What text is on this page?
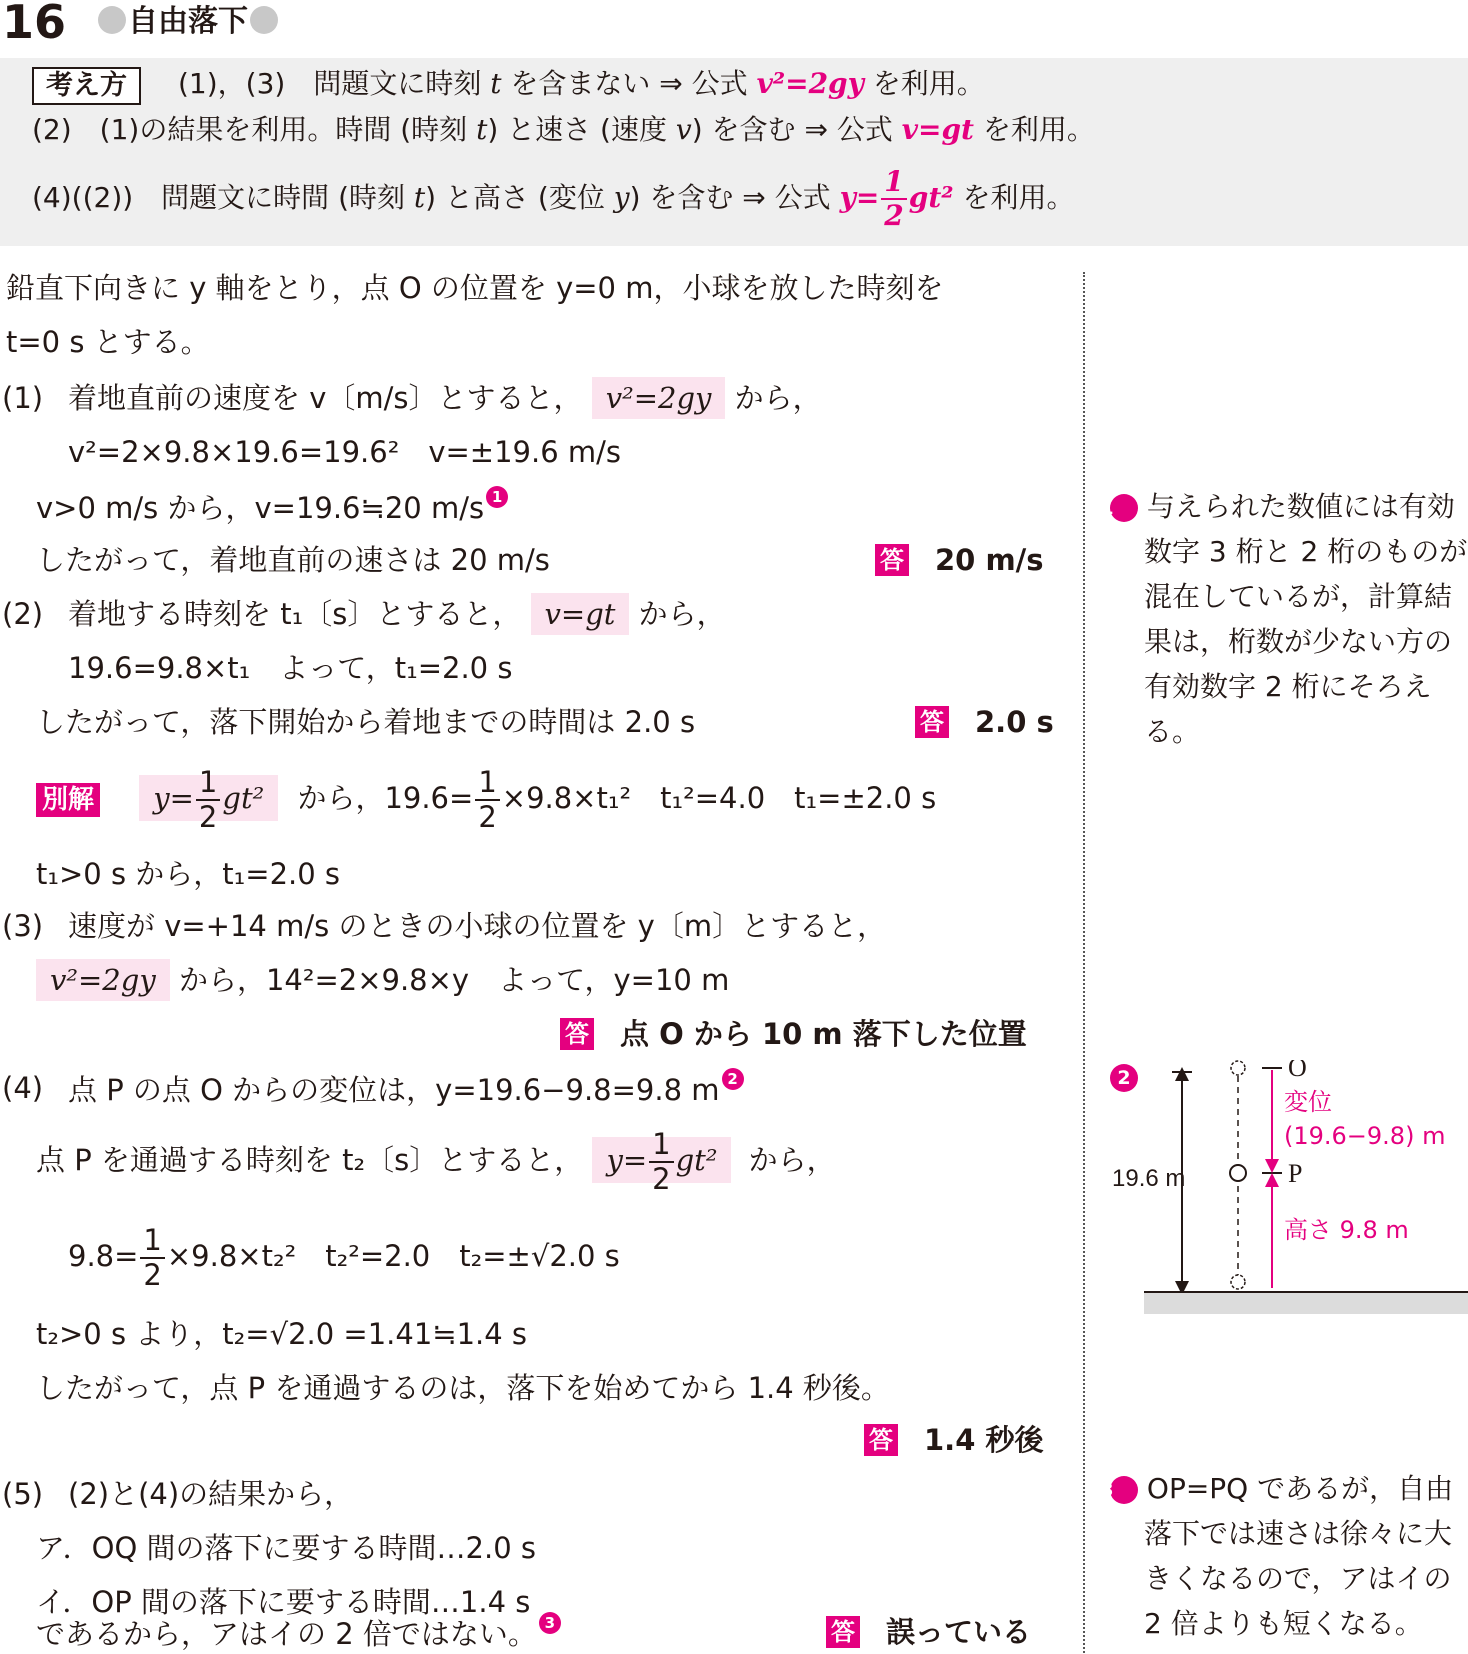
16	自由落下
考え方	(1)，(3)　問題文に時刻 t を含まない ⇒ 公式 v²=2gy を利用。
(2)　(1)の結果を利用。時間 (時刻 t) と速さ (速度 v) を含む ⇒ 公式 v=gt を利用。
(4)((2))　問題文に時間 (時刻 t) と高さ (変位 y) を含む ⇒ 公式 $y= \frac{1}{2} gt^2$ を利用。
鉛直下向きに y 軸をとり，点 O の位置を y=0 m，小球を放した時刻を
t=0 s とする。
(1) 着地直前の速度を v〔m/s〕とすると， v²=2gy から，
v²=2×9.8×19.6=19.6²　v=±19.6 m/s
v>0 m/s から，v=19.6≒20 m/s 1
したがって，着地直前の速さは 20 m/s	答 20 m/s
(2) 着地する時刻を t₁〔s〕とすると， v=gt から，
19.6=9.8×t₁　よって，t₁=2.0 s
したがって，落下開始から着地までの時間は 2.0 s	答 2.0 s
別解 $y= \frac{1}{2} gt^2$ から，$19.6= \frac{1}{2} \times 9.8\times t_1^2$　t₁²=4.0　t₁=±2.0 s
t₁>0 s から，t₁=2.0 s
(3) 速度が v=+14 m/s のときの小球の位置を y〔m〕とすると，
v²=2gy から，14²=2×9.8×y　よって，y=10 m
答 点 O から 10 m 落下した位置
(4) 点 P の点 O からの変位は，y=19.6−9.8=9.8 m 2
点 P を通過する時刻を t₂〔s〕とすると， $y= \frac{1}{2} gt^2$ から，
$9.8= \frac{1}{2} \times 9.8\times t_2^2$　t₂²=2.0　t₂=±√2.0 s
t₂>0 s より，t₂=√2.0 =1.41≒1.4 s
したがって，点 P を通過するのは，落下を始めてから 1.4 秒後。
答 1.4 秒後
(5) (2)と(4)の結果から，
ア．OQ 間の落下に要する時間…2.0 s
イ．OP 間の落下に要する時間…1.4 s
であるから，アはイの 2 倍ではない。 3	答 誤っている

1 与えられた数値には有効数字 3 桁と 2 桁のものが混在しているが，計算結果は，桁数が少ない方の有効数字 2 桁にそろえる。

2

3 OP=PQ であるが，自由落下では速さは徐々に大きくなるので，アはイの 2 倍よりも短くなる。

19.6 m
O
P
変位
(19.6−9.8) m
高さ 9.8 m
